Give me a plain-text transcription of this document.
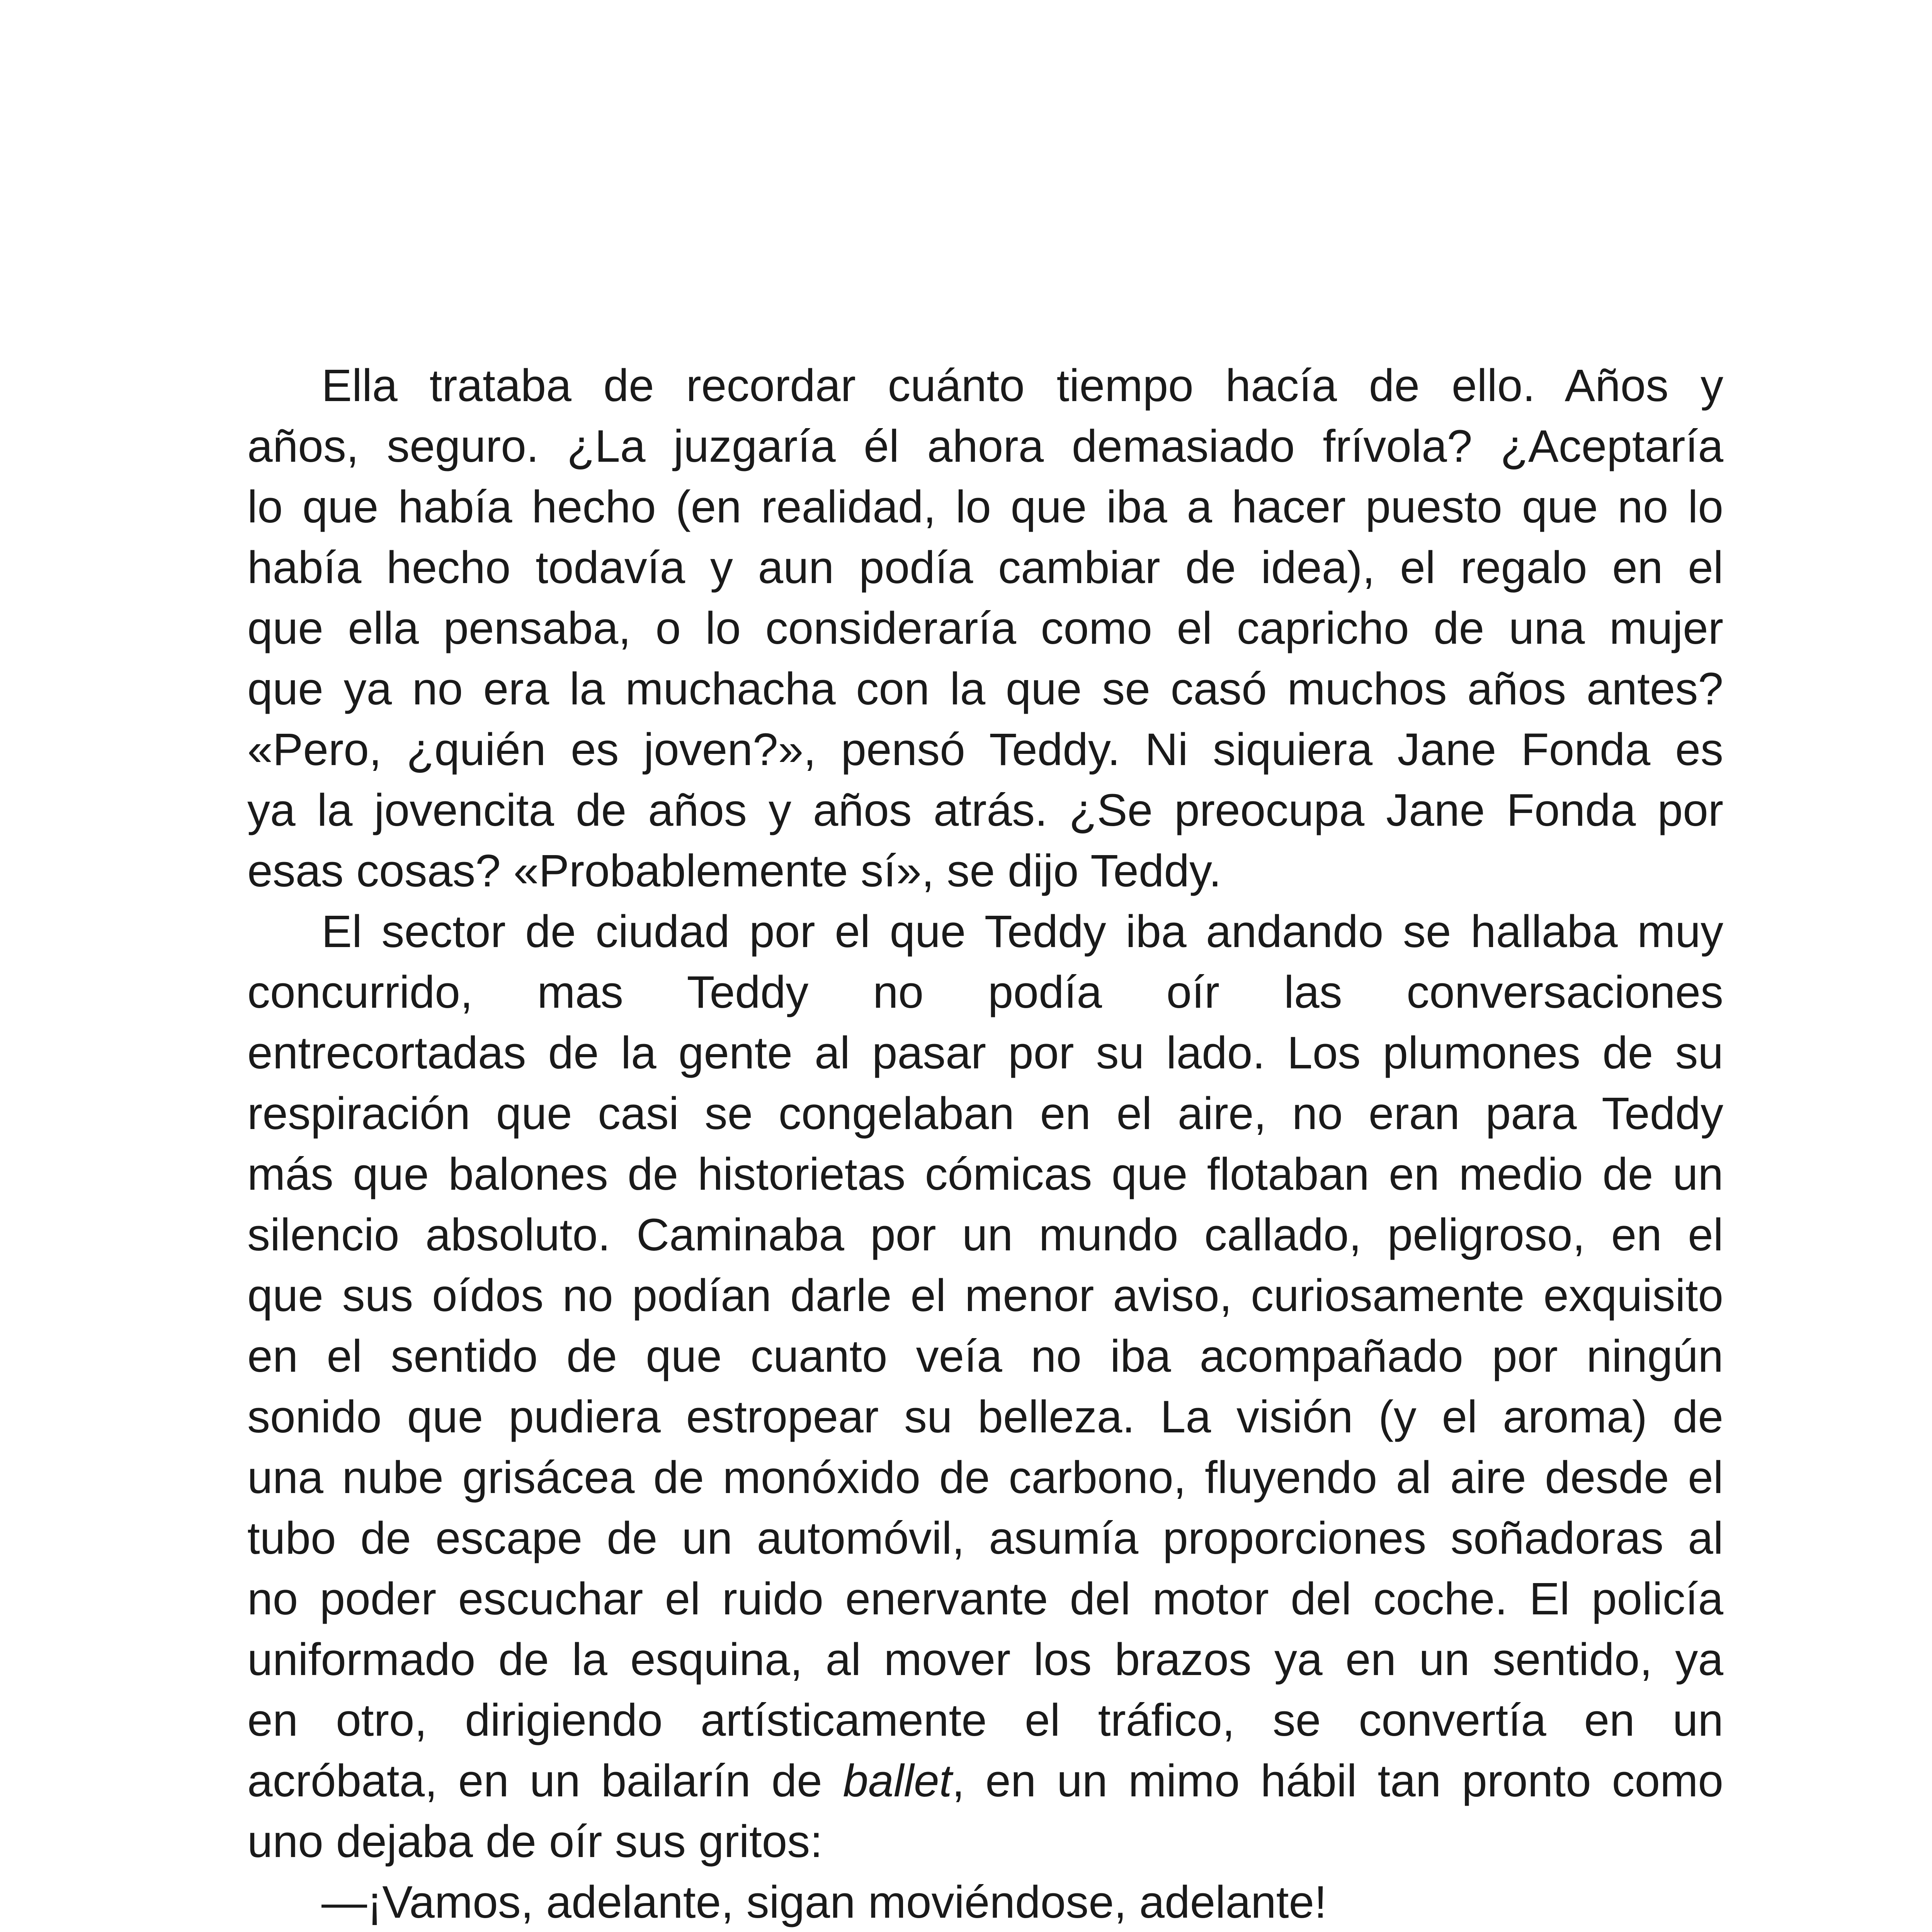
Ella trataba de recordar cuánto tiempo hacía de ello. Años y
años, seguro. ¿La juzgaría él ahora demasiado frívola? ¿Aceptaría
lo que había hecho (en realidad, lo que iba a hacer puesto que no lo
había hecho todavía y aun podía cambiar de idea), el regalo en el
que ella pensaba, o lo consideraría como el capricho de una mujer
que ya no era la muchacha con la que se casó muchos años antes?
«Pero, ¿quién es joven?», pensó Teddy. Ni siquiera Jane Fonda es
ya la jovencita de años y años atrás. ¿Se preocupa Jane Fonda por
esas cosas? «Probablemente sí», se dijo Teddy.
El sector de ciudad por el que Teddy iba andando se hallaba muy
concurrido, mas Teddy no podía oír las conversaciones
entrecortadas de la gente al pasar por su lado. Los plumones de su
respiración que casi se congelaban en el aire, no eran para Teddy
más que balones de historietas cómicas que flotaban en medio de un
silencio absoluto. Caminaba por un mundo callado, peligroso, en el
que sus oídos no podían darle el menor aviso, curiosamente exquisito
en el sentido de que cuanto veía no iba acompañado por ningún
sonido que pudiera estropear su belleza. La visión (y el aroma) de
una nube grisácea de monóxido de carbono, fluyendo al aire desde el
tubo de escape de un automóvil, asumía proporciones soñadoras al
no poder escuchar el ruido enervante del motor del coche. El policía
uniformado de la esquina, al mover los brazos ya en un sentido, ya
en otro, dirigiendo artísticamente el tráfico, se convertía en un
acróbata, en un bailarín de ballet, en un mimo hábil tan pronto como
uno dejaba de oír sus gritos:
—¡Vamos, adelante, sigan moviéndose, adelante!
